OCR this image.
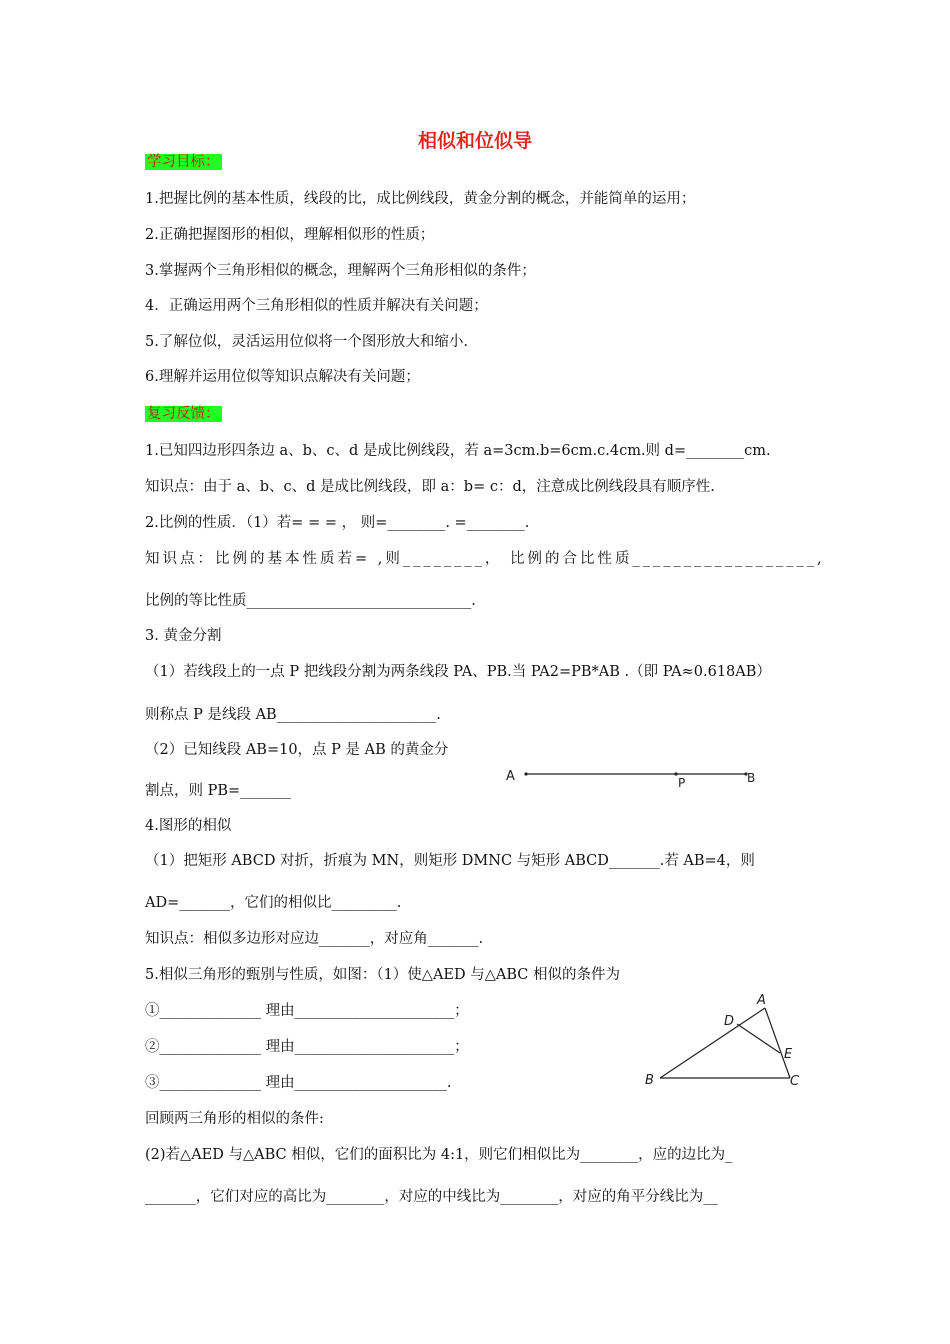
相似和位似导
学习目标：
1.把握比例的基本性质，线段的比，成比例线段，黄金分割的概念，并能简单的运用；
2.正确把握图形的相似，理解相似形的性质；
3.掌握两个三角形相似的概念，理解两个三角形相似的条件；
4．正确运用两个三角形相似的性质并解决有关问题；
5.了解位似，灵活运用位似将一个图形放大和缩小.
6.理解并运用位似等知识点解决有关问题；
复习反馈：
1.已知四边形四条边 a、b、c、d 是成比例线段，若 a=3cm.b=6cm.c.4cm.则 d=________cm.
知识点：由于 a、b、c、d 是成比例线段，即 a：b= c：d，注意成比例线段具有顺序性.
2.比例的性质．（1）若= = = ， 则=________. =________.
知识点：比例的基本性质若= ,则________， 比例的合比性质__________________,
比例的等比性质_______________________________.
3. 黄金分割
（1）若线段上的一点 P 把线段分割为两条线段 PA、PB.当 PA2=PB*AB .（即 PA≈0.618AB）
则称点 P 是线段 AB______________________.
（2）已知线段 AB=10，点 P 是 AB 的黄金分
割点，则 PB=_______
4.图形的相似
（1）把矩形 ABCD 对折，折痕为 MN，则矩形 DMNC 与矩形 ABCD_______.若 AB=4，则
AD=_______，它们的相似比_________.
知识点：相似多边形对应边_______，对应角_______.
5.相似三角形的甄别与性质，如图：（1）使△AED 与△ABC 相似的条件为
①______________ 理由______________________；
②______________ 理由______________________；
③______________ 理由_____________________.
回顾两三角形的相似的条件:
(2)若△AED 与△ABC 相似，它们的面积比为 4:1，则它们相似比为________，应的边比为_
_______，它们对应的高比为________，对应的中线比为________，对应的角平分线比为__
A	P	B
A
D
E
B	C
